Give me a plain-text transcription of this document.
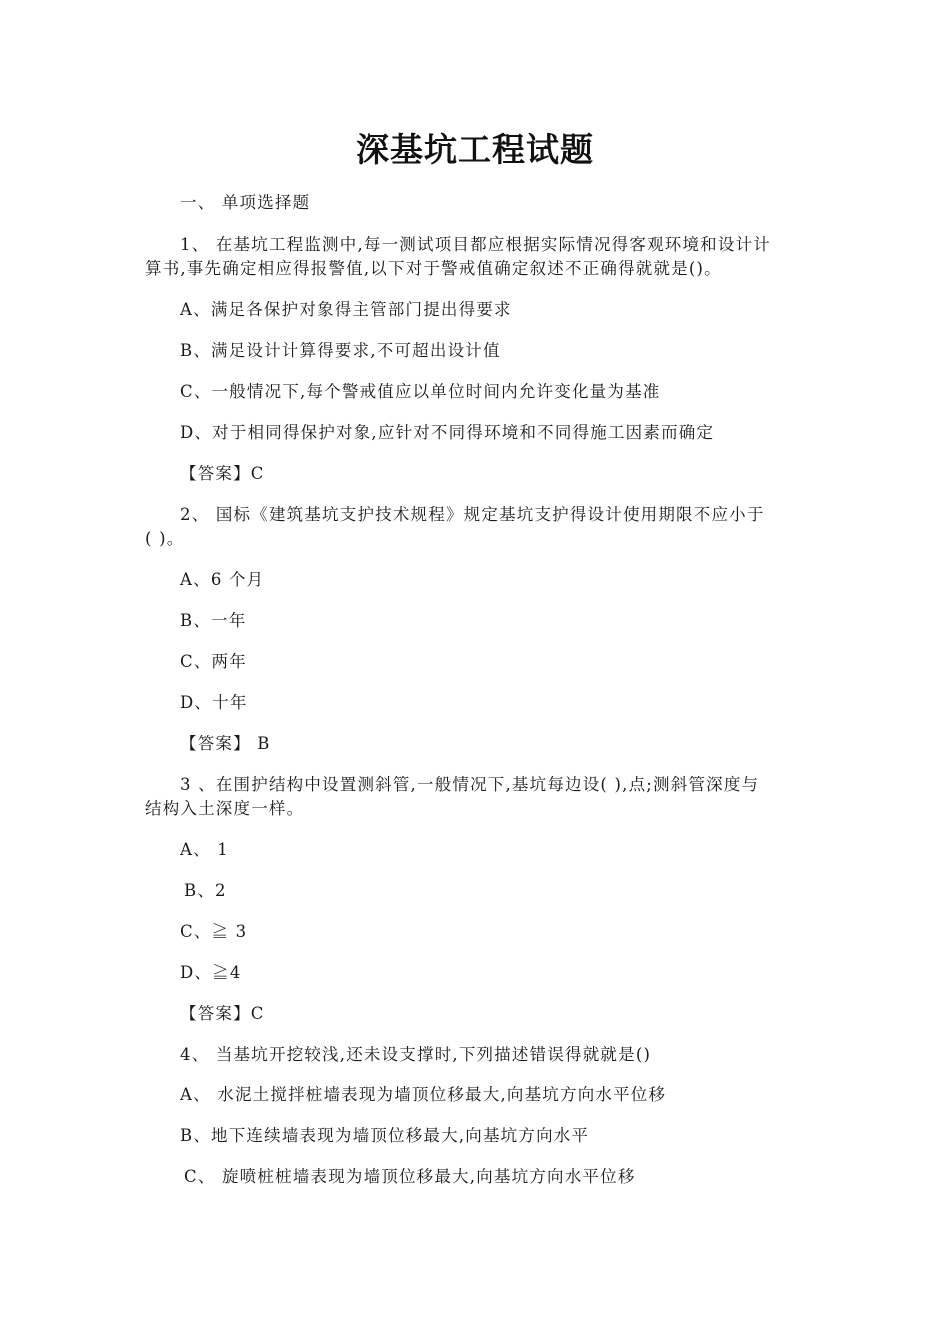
深基坑工程试题
一、 单项选择题
1、 在基坑工程监测中,每一测试项目都应根据实际情况得客观环境和设计计
算书,事先确定相应得报警值,以下对于警戒值确定叙述不正确得就就是()。
A、满足各保护对象得主管部门提出得要求
B、满足设计计算得要求,不可超出设计值
C、一般情况下,每个警戒值应以单位时间内允许变化量为基准
D、对于相同得保护对象,应针对不同得环境和不同得施工因素而确定
【答案】C
2、 国标《建筑基坑支护技术规程》规定基坑支护得设计使用期限不应小于
( )。
A、6 个月
B、一年
C、两年
D、十年
【答案】 B
3 、在围护结构中设置测斜管,一般情况下,基坑每边设( ),点;测斜管深度与
结构入土深度一样。
A、 1
B、2
C、≧ 3
D、≧4
【答案】C
4、 当基坑开挖较浅,还未设支撑时,下列描述错误得就就是()
A、 水泥土搅拌桩墙表现为墙顶位移最大,向基坑方向水平位移
B、地下连续墙表现为墙顶位移最大,向基坑方向水平
C、 旋喷桩桩墙表现为墙顶位移最大,向基坑方向水平位移
